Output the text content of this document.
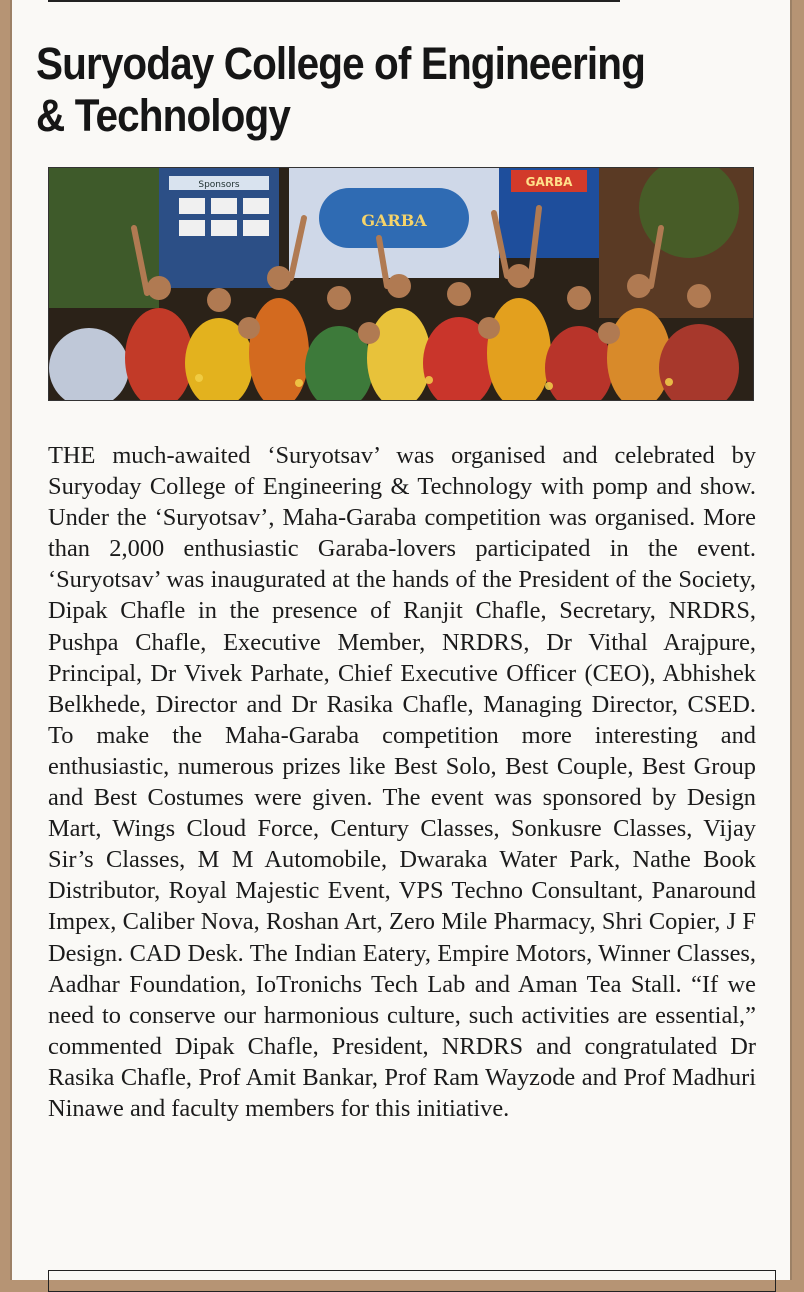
Suryoday College of Engineering & Technology
Sponsors
GARBA
GARBA

THE much-awaited ‘Suryotsav’ was organised and celebrated by Suryoday College of Engineering & Technology with pomp and show. Under the ‘Suryotsav’, Maha-Garaba competition was organised. More than 2,000 enthusiastic Garaba-lovers participated in the event. ‘Suryotsav’ was inaugurated at the hands of the President of the Society, Dipak Chafle in the presence of Ranjit Chafle, Secretary, NRDRS, Pushpa Chafle, Executive Member, NRDRS, Dr Vithal Arajpure, Principal, Dr Vivek Parhate, Chief Executive Officer (CEO), Abhishek Belkhede, Director and Dr Rasika Chafle, Managing Director, CSED. To make the Maha-Garaba competition more interesting and enthusiastic, numerous prizes like Best Solo, Best Couple, Best Group and Best Costumes were given. The event was sponsored by Design Mart, Wings Cloud Force, Century Classes, Sonkusre Classes, Vijay Sir’s Classes, M M Automobile, Dwaraka Water Park, Nathe Book Distributor, Royal Majestic Event, VPS Techno Consultant, Panaround Impex, Caliber Nova, Roshan Art, Zero Mile Pharmacy, Shri Copier, J F Design. CAD Desk. The Indian Eatery, Empire Motors, Winner Classes, Aadhar Foundation, IoTronichs Tech Lab and Aman Tea Stall. “If we need to conserve our harmonious culture, such activities are essential,” commented Dipak Chafle, President, NRDRS and congratulated Dr Rasika Chafle, Prof Amit Bankar, Prof Ram Wayzode and Prof Madhuri Ninawe and faculty members for this initiative.
